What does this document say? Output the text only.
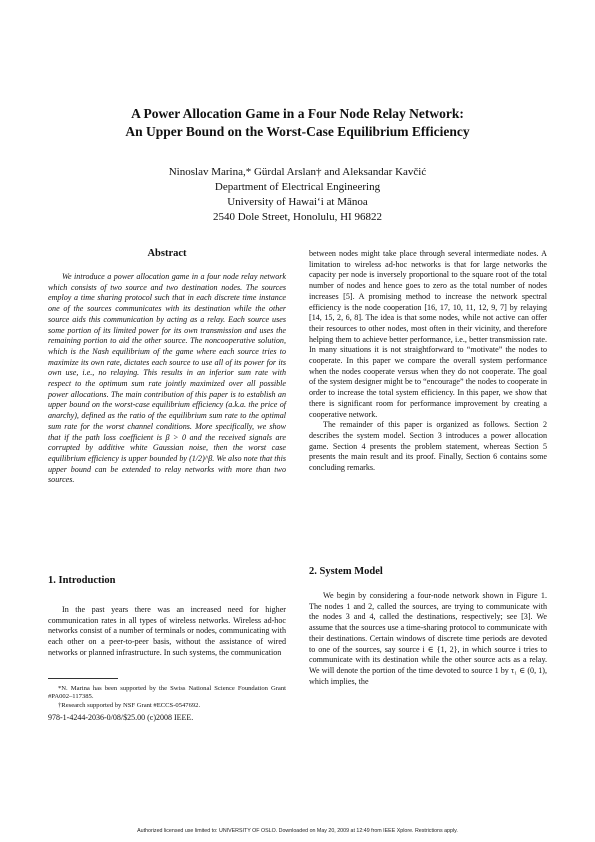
A Power Allocation Game in a Four Node Relay Network:
An Upper Bound on the Worst-Case Equilibrium Efficiency
Ninoslav Marina,* Gürdal Arslan† and Aleksandar Kavčić
Department of Electrical Engineering
University of Hawai‘i at Mānoa
2540 Dole Street, Honolulu, HI 96822
Abstract

We introduce a power allocation game in a four node relay network which consists of two source and two destination nodes. The sources employ a time sharing protocol such that in each discrete time instance one of the sources communicates with its destination while the other source aids this communication by acting as a relay. Each source uses some portion of its limited power for its own transmission and uses the remaining portion to aid the other source. The noncooperative solution, which is the Nash equilibrium of the game where each source tries to maximize its own rate, dictates each source to use all of its power for its own use, i.e., no relaying. This results in an inferior sum rate with respect to the optimum sum rate jointly maximized over all possible power allocations. The main contribution of this paper is to establish an upper bound on the worst-case equilibrium efficiency (a.k.a. the price of anarchy), defined as the ratio of the equilibrium sum rate to the optimal sum rate for the worst channel conditions. More specifically, we show that if the path loss coefficient is β > 0 and the received signals are corrupted by additive white Gaussian noise, then the worst case equilibrium efficiency is upper bounded by (1/2)^β. We also note that this upper bound can be extended to relay networks with more than two sources.

1. Introduction

In the past years there was an increased need for higher communication rates in all types of wireless networks. Wireless ad-hoc networks consist of a number of terminals or nodes, communicating with each other on a peer-to-peer basis, without the assistance of wired networks or planned infrastructure. In such systems, the communication

*N. Marina has been supported by the Swiss National Science Foundation Grant #PA002–117385.

†Research supported by NSF Grant #ECCS-0547692.

978-1-4244-2036-0/08/$25.00 (c)2008 IEEE.

between nodes might take place through several intermediate nodes. A limitation to wireless ad-hoc networks is that for large networks the capacity per node is inversely proportional to the square root of the total number of nodes and hence goes to zero as the total number of nodes increases [5]. A promising method to increase the network spectral efficiency is the node cooperation [16, 17, 10, 11, 12, 9, 7] by relaying [14, 15, 2, 6, 8]. The idea is that some nodes, while not active can offer their resources to other nodes, most often in their vicinity, and therefore helping them to achieve better performance, i.e., better transmission rate. In many situations it is not straightforward to “motivate” the nodes to cooperate. In this paper we compare the overall system performance when the nodes cooperate versus when they do not cooperate. The goal of the system designer might be to “encourage” the nodes to cooperate in order to increase the total system efficiency. In this paper, we show that there is significant room for performance improvement by creating a cooperative network.

The remainder of this paper is organized as follows. Section 2 describes the system model. Section 3 introduces a power allocation game. Section 4 presents the problem statement, whereas Section 5 presents the main result and its proof. Finally, Section 6 contains some concluding remarks.

2. System Model

We begin by considering a four-node network shown in Figure 1. The nodes 1 and 2, called the sources, are trying to communicate with the nodes 3 and 4, called the destinations, respectively; see [3]. We assume that the sources use a time-sharing protocol to communicate with their destinations. Certain windows of discrete time periods are devoted to one of the sources, say source i ∈ {1, 2}, in which source i tries to communicate with its destination while the other source acts as a relay. We will denote the portion of the time devoted to source 1 by τ₁ ∈ (0, 1), which implies, the

Authorized licensed use limited to: UNIVERSITY OF OSLO. Downloaded on May 20, 2009 at 12:49 from IEEE Xplore. Restrictions apply.
